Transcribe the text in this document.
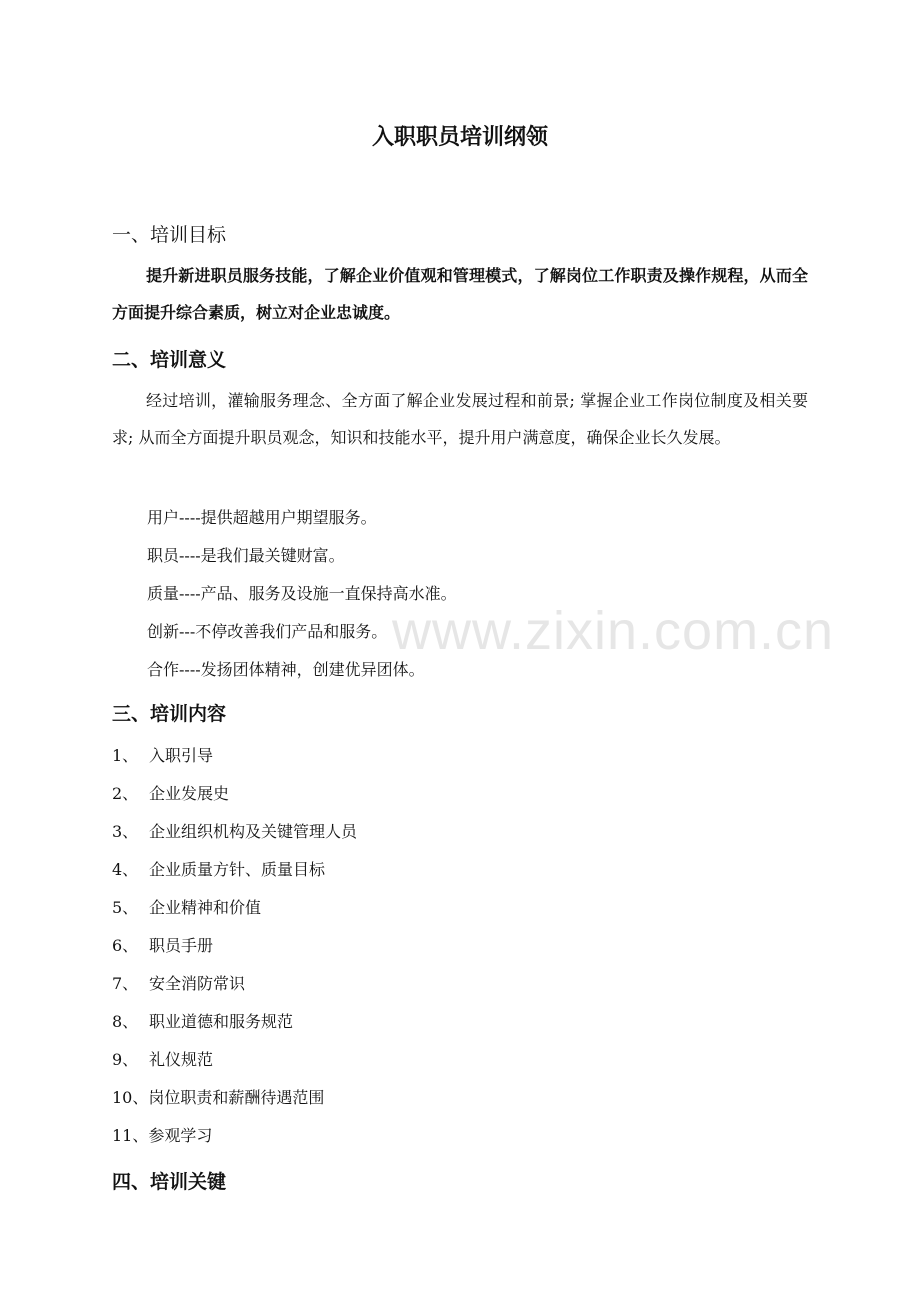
www.zixin.com.cn
入职职员培训纲领
一、培训目标
提升新进职员服务技能，了解企业价值观和管理模式，了解岗位工作职责及操作规程，从而全方面提升综合素质，树立对企业忠诚度。
二、培训意义
经过培训，灌输服务理念、全方面了解企业发展过程和前景; 掌握企业工作岗位制度及相关要求; 从而全方面提升职员观念，知识和技能水平，提升用户满意度，确保企业长久发展。
用户----提供超越用户期望服务。
职员----是我们最关键财富。
质量----产品、服务及设施一直保持高水准。
创新---不停改善我们产品和服务。
合作----发扬团体精神，创建优异团体。
三、培训内容
1、 入职引导
2、 企业发展史
3、 企业组织机构及关键管理人员
4、 企业质量方针、质量目标
5、 企业精神和价值
6、 职员手册
7、 安全消防常识
8、 职业道德和服务规范
9、 礼仪规范
10、岗位职责和薪酬待遇范围
11、参观学习
四、培训关键
